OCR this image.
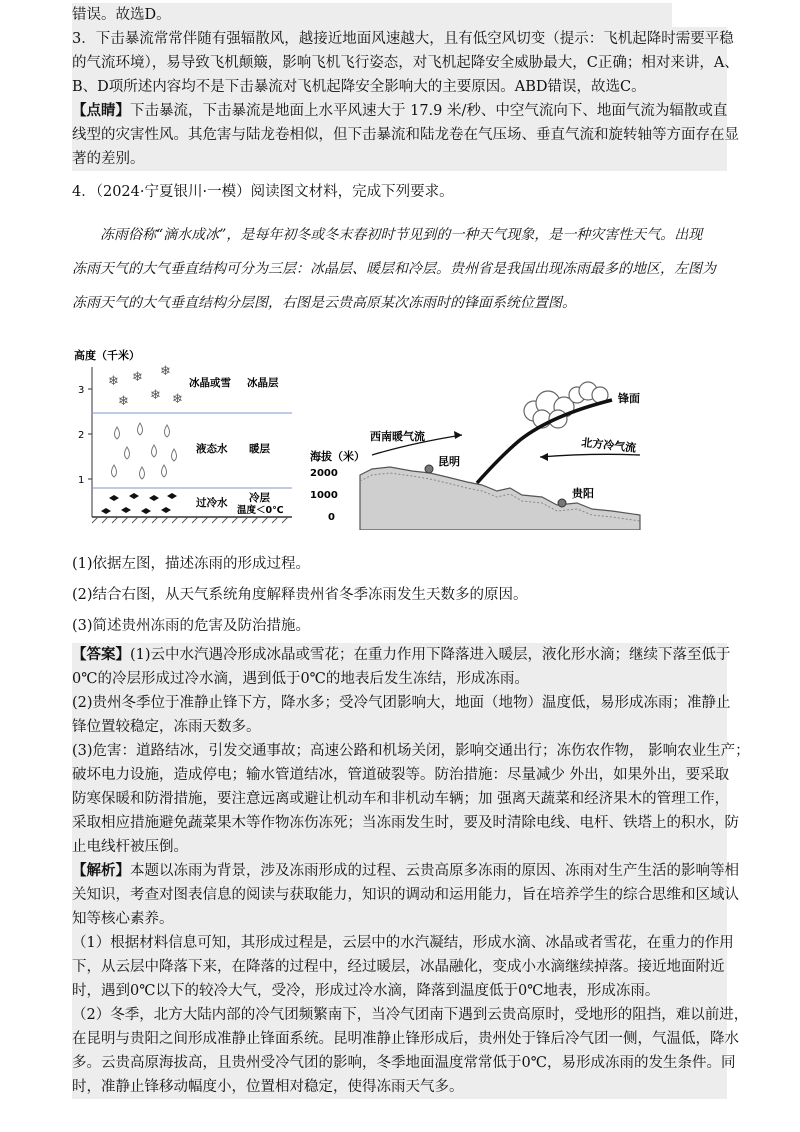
错误。故选D。

3．下击暴流常常伴随有强辐散风，越接近地面风速越大，且有低空风切变（提示：飞机起降时需要平稳

的气流环境），易导致飞机颠簸，影响飞机飞行姿态，对飞机起降安全威胁最大，C正确；相对来讲，A、

B、D项所述内容均不是下击暴流对飞机起降安全影响大的主要原因。ABD错误，故选C。

【点睛】下击暴流，下击暴流是地面上水平风速大于 17.9 米/秒、中空气流向下、地面气流为辐散或直

线型的灾害性风。其危害与陆龙卷相似，但下击暴流和陆龙卷在气压场、垂直气流和旋转轴等方面存在显

著的差别。

4．（2024·宁夏银川·一模）阅读图文材料，完成下列要求。

冻雨俗称“滴水成冰”，是每年初冬或冬末春初时节见到的一种天气现象，是一种灾害性天气。出现

冻雨天气的大气垂直结构可分为三层：冰晶层、暖层和冷层。贵州省是我国出现冻雨最多的地区，左图为

冻雨天气的大气垂直结构分层图，右图是云贵高原某次冻雨时的锋面系统位置图。

高度（千米）
3
2
1
❄ ❄ ❄
❄ ❄ ❄
冰晶或雪 冰晶层
液态水 暖层
过冷水 冷层
温度＜0℃
海拔（米）
2000
1000
0
锋面
西南暖气流	北方冷气流
昆明
贵阳

(1)依据左图，描述冻雨的形成过程。

(2)结合右图，从天气系统角度解释贵州省冬季冻雨发生天数多的原因。

(3)简述贵州冻雨的危害及防治措施。

【答案】(1)云中水汽遇冷形成冰晶或雪花；在重力作用下降落进入暖层，液化形水滴；继续下落至低于

0℃的冷层形成过冷水滴，遇到低于0℃的地表后发生冻结，形成冻雨。

(2)贵州冬季位于准静止锋下方，降水多；受冷气团影响大，地面（地物）温度低，易形成冻雨；准静止

锋位置较稳定，冻雨天数多。

(3)危害：道路结冰，引发交通事故；高速公路和机场关闭，影响交通出行；冻伤农作物， 影响农业生产；

破坏电力设施，造成停电；输水管道结冰，管道破裂等。防治措施：尽量减少 外出，如果外出，要采取

防寒保暖和防滑措施，要注意远离或避让机动车和非机动车辆；加 强离天蔬菜和经济果木的管理工作，

采取相应措施避免蔬菜果木等作物冻伤冻死；当冻雨发生时，要及时清除电线、电杆、铁塔上的积水，防

止电线杆被压倒。

【解析】本题以冻雨为背景，涉及冻雨形成的过程、云贵高原多冻雨的原因、冻雨对生产生活的影响等相

关知识，考查对图表信息的阅读与获取能力，知识的调动和运用能力，旨在培养学生的综合思维和区域认

知等核心素养。

（1）根据材料信息可知，其形成过程是，云层中的水汽凝结，形成水滴、冰晶或者雪花，在重力的作用

下，从云层中降落下来，在降落的过程中，经过暖层，冰晶融化，变成小水滴继续掉落。接近地面附近

时，遇到0℃以下的较冷大气，受冷，形成过冷水滴，降落到温度低于0℃地表，形成冻雨。

（2）冬季，北方大陆内部的冷气团频繁南下，当冷气团南下遇到云贵高原时，受地形的阻挡，难以前进，

在昆明与贵阳之间形成准静止锋面系统。昆明准静止锋形成后，贵州处于锋后冷气团一侧，气温低，降水

多。云贵高原海拔高，且贵州受冷气团的影响，冬季地面温度常常低于0℃，易形成冻雨的发生条件。同

时，准静止锋移动幅度小，位置相对稳定，使得冻雨天气多。
